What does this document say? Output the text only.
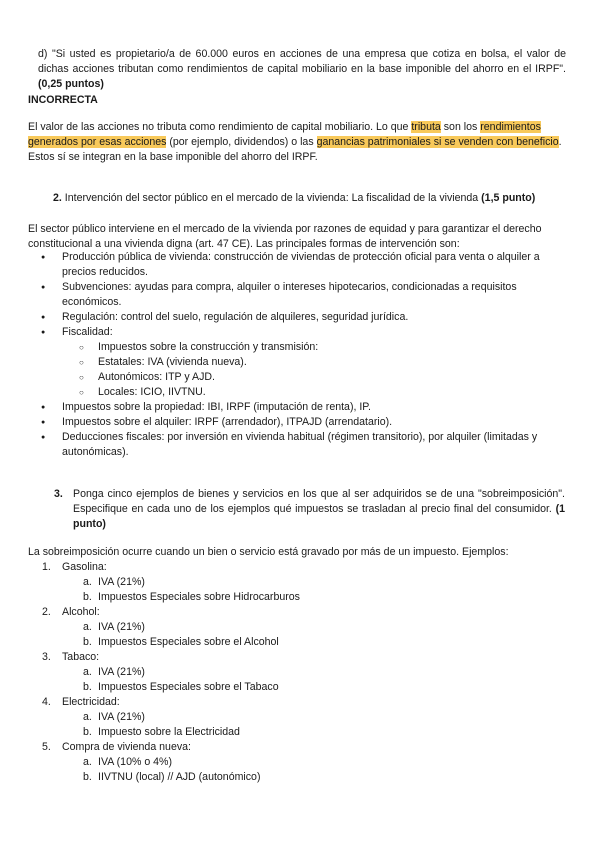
d) "Si usted es propietario/a de 60.000 euros en acciones de una empresa que cotiza en bolsa, el valor de dichas acciones tributan como rendimientos de capital mobiliario en la base imponible del ahorro en el IRPF". (0,25 puntos)
INCORRECTA
El valor de las acciones no tributa como rendimiento de capital mobiliario. Lo que tributa son los rendimientos generados por esas acciones (por ejemplo, dividendos) o las ganancias patrimoniales si se venden con beneficio. Estos sí se integran en la base imponible del ahorro del IRPF.
2. Intervención del sector público en el mercado de la vivienda: La fiscalidad de la vivienda (1,5 punto)
El sector público interviene en el mercado de la vivienda por razones de equidad y para garantizar el derecho constitucional a una vivienda digna (art. 47 CE). Las principales formas de intervención son:
● Producción pública de vivienda: construcción de viviendas de protección oficial para venta o alquiler a precios reducidos.
● Subvenciones: ayudas para compra, alquiler o intereses hipotecarios, condicionadas a requisitos económicos.
● Regulación: control del suelo, regulación de alquileres, seguridad jurídica.
● Fiscalidad:
○ Impuestos sobre la construcción y transmisión:
○ Estatales: IVA (vivienda nueva).
○ Autonómicos: ITP y AJD.
○ Locales: ICIO, IIVTNU.
● Impuestos sobre la propiedad: IBI, IRPF (imputación de renta), IP.
● Impuestos sobre el alquiler: IRPF (arrendador), ITPAJD (arrendatario).
● Deducciones fiscales: por inversión en vivienda habitual (régimen transitorio), por alquiler (limitadas y autonómicas).
3. Ponga cinco ejemplos de bienes y servicios en los que al ser adquiridos se de una "sobreimposición". Especifique en cada uno de los ejemplos qué impuestos se trasladan al precio final del consumidor. (1 punto)
La sobreimposición ocurre cuando un bien o servicio está gravado por más de un impuesto. Ejemplos:
1. Gasolina:
a. IVA (21%)
b. Impuestos Especiales sobre Hidrocarburos
2. Alcohol:
a. IVA (21%)
b. Impuestos Especiales sobre el Alcohol
3. Tabaco:
a. IVA (21%)
b. Impuestos Especiales sobre el Tabaco
4. Electricidad:
a. IVA (21%)
b. Impuesto sobre la Electricidad
5. Compra de vivienda nueva:
a. IVA (10% o 4%)
b. IIVTNU (local) // AJD (autonómico)
